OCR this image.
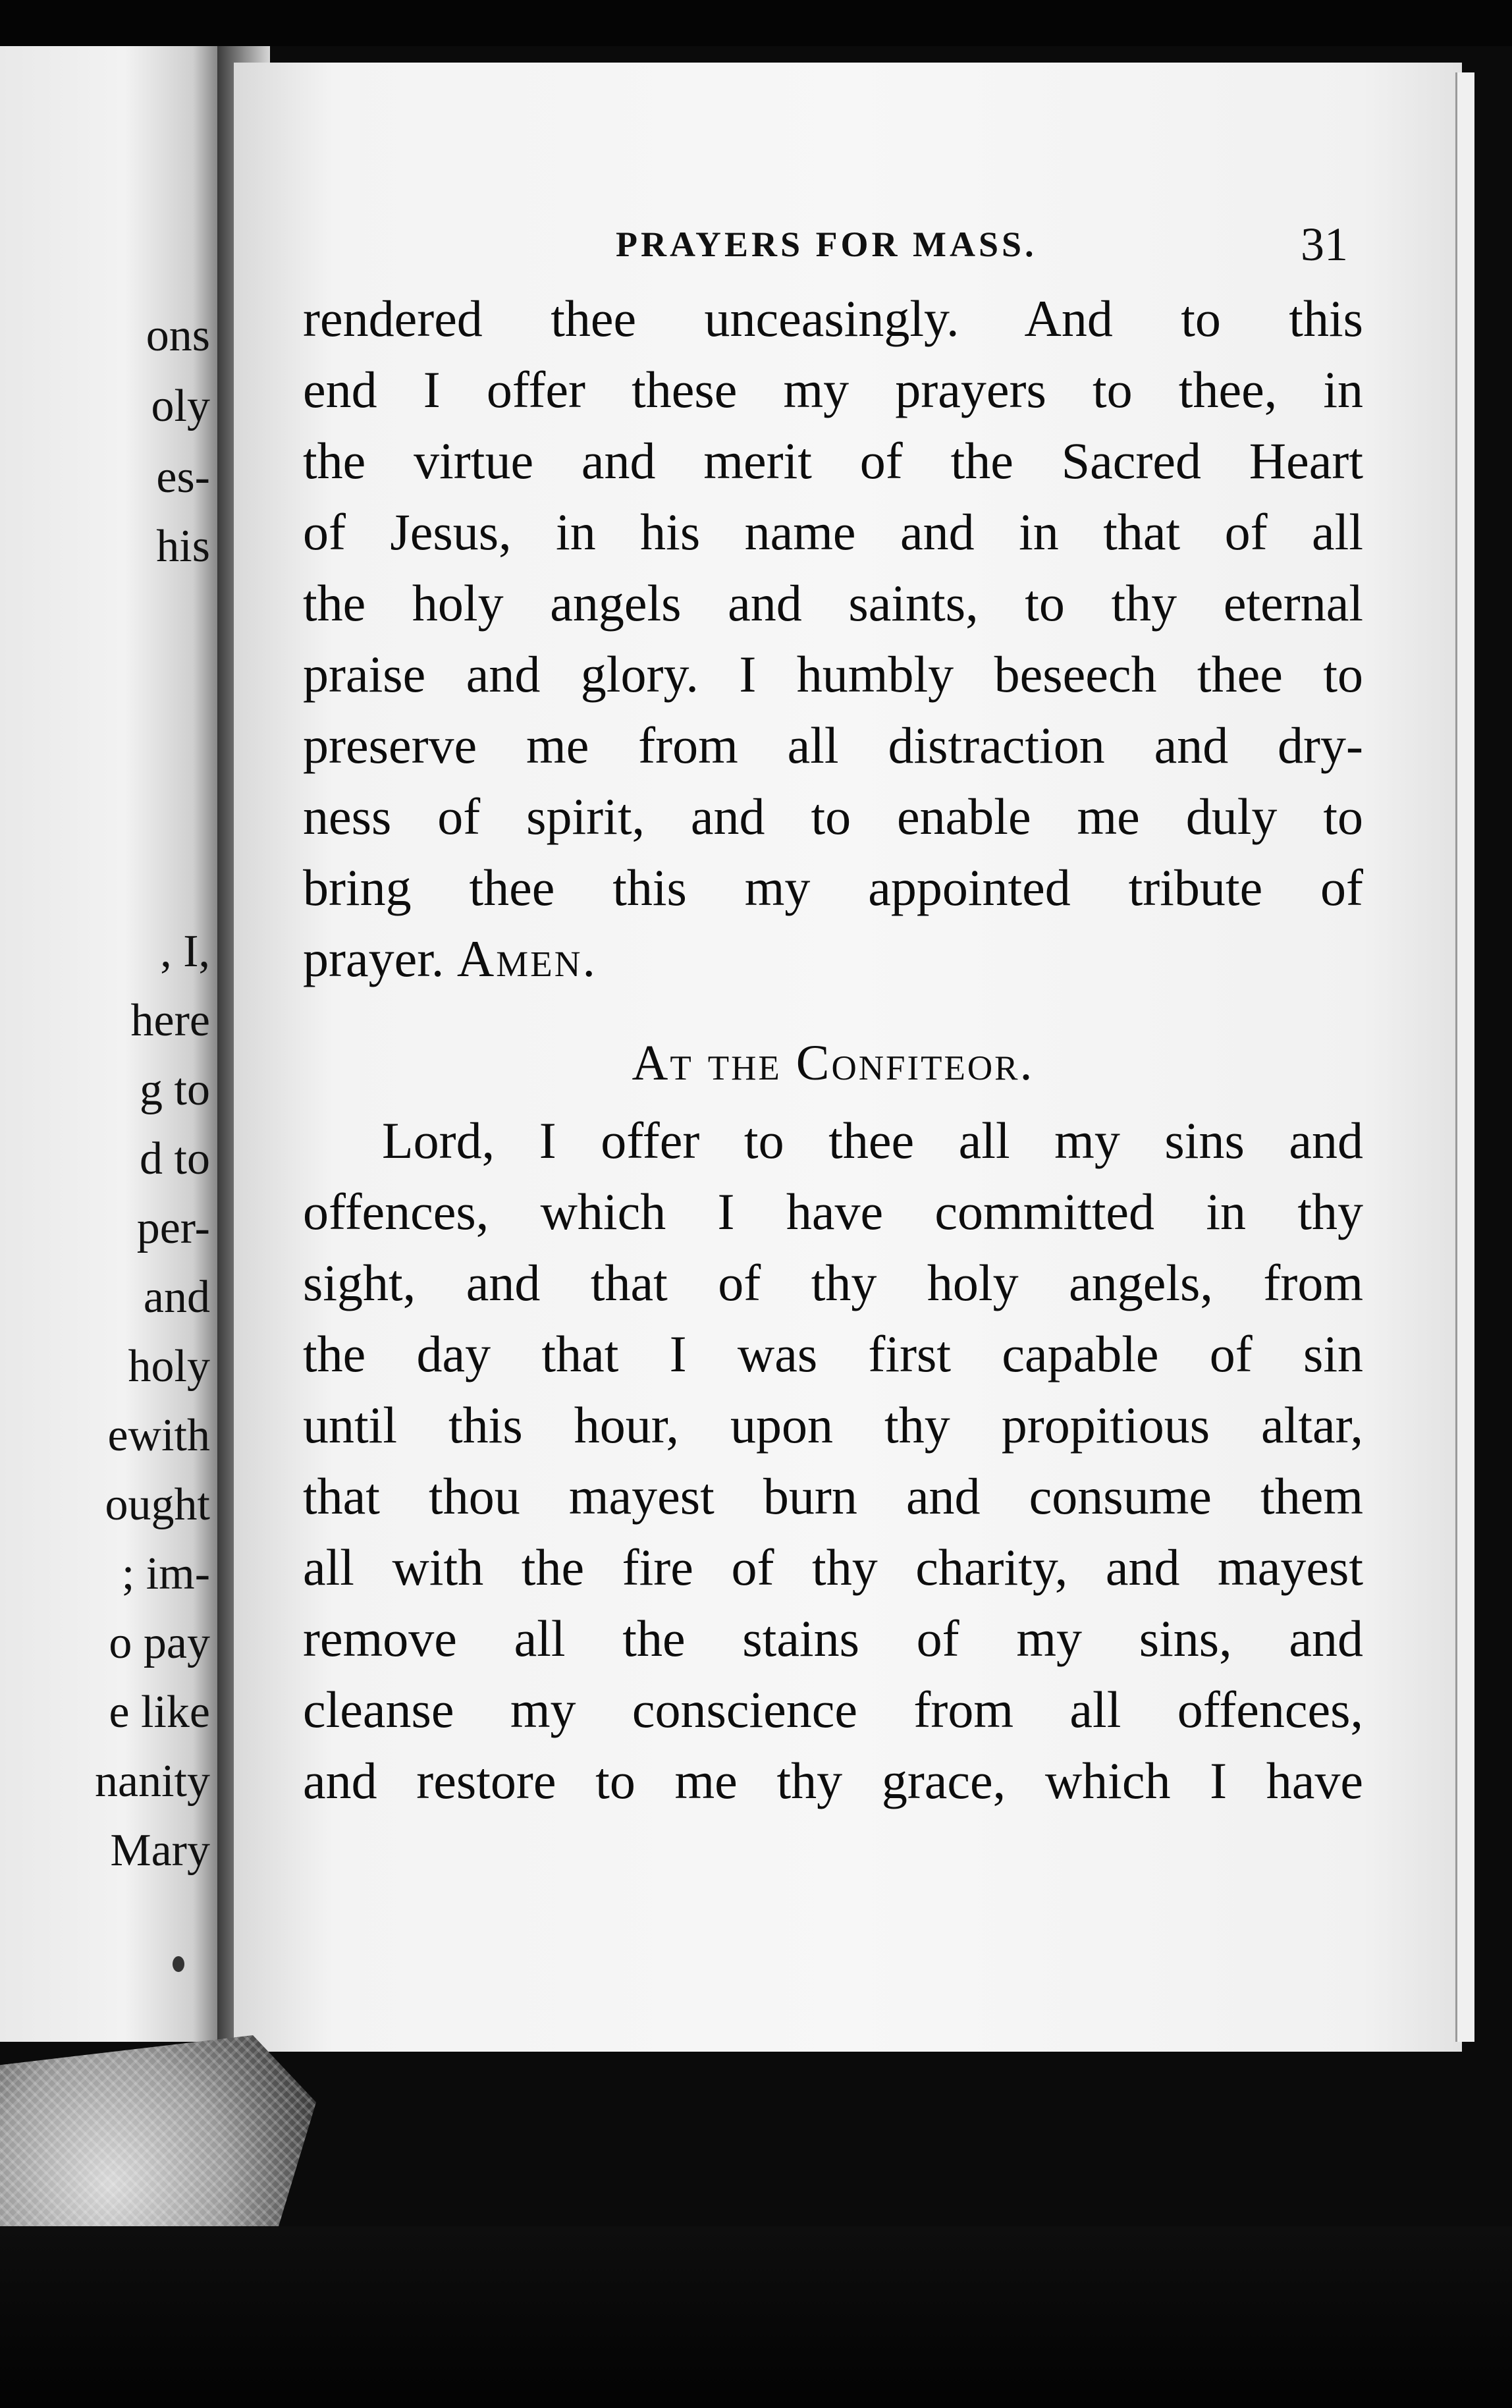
ons
oly
es-
his
, I,
here
g to
d to
per-
and
holy
ewith
ought
; im-
o pay
e like
nanity
Mary
PRAYERS FOR MASS.	31
rendered thee unceasingly. And to this
end I offer these my prayers to thee, in
the virtue and merit of the Sacred Heart
of Jesus, in his name and in that of all
the holy angels and saints, to thy eternal
praise and glory. I humbly beseech thee to
preserve me from all distraction and dry-
ness of spirit, and to enable me duly to
bring thee this my appointed tribute of
prayer. Amen.
At the Confiteor.
Lord, I offer to thee all my sins and
offences, which I have committed in thy
sight, and that of thy holy angels, from
the day that I was first capable of sin
until this hour, upon thy propitious altar,
that thou mayest burn and consume them
all with the fire of thy charity, and mayest
remove all the stains of my sins, and
cleanse my conscience from all offences,
and restore to me thy grace, which I have
